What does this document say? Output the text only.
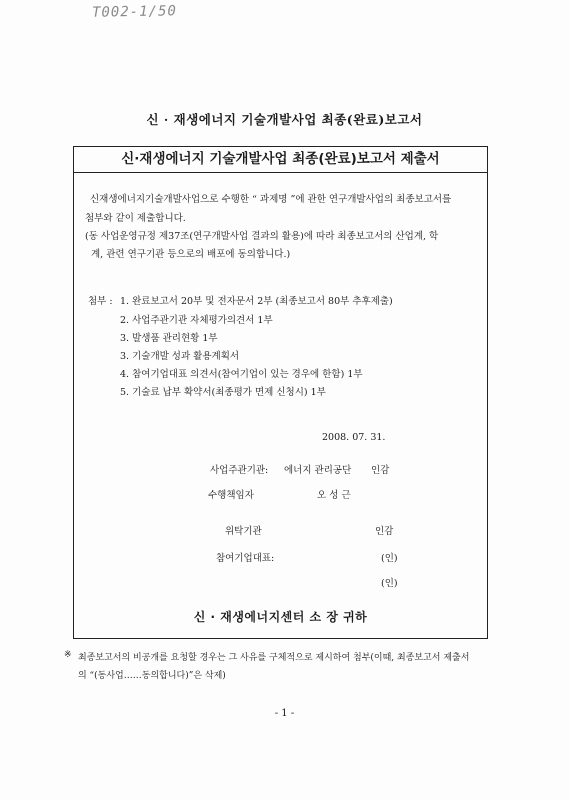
T002-1/50
신 · 재생에너지 기술개발사업 최종(완료)보고서
신·재생에너지 기술개발사업 최종(완료)보고서 제출서
신재생에너지기술개발사업으로 수행한 “ 과제명 ”에 관한 연구개발사업의 최종보고서를
첨부와 같이 제출합니다.
(동 사업운영규정 제37조(연구개발사업 결과의 활용)에 따라 최종보고서의 산업계, 학
계, 관련 연구기관 등으로의 배포에 동의합니다.)
첨부 : 1. 완료보고서 20부 및 전자문서 2부 (최종보고서 80부 추후제출)
2. 사업주관기관 자체평가의견서 1부
3. 발생품 관리현황 1부
3. 기술개발 성과 활용계획서
4. 참여기업대표 의견서(참여기업이 있는 경우에 한함) 1부
5. 기술료 납부 확약서(최종평가 면제 신청시) 1부
2008. 07. 31.
사업주관기관: 에너지 관리공단 인감
수행책임자	오 성 근
위탁기관	인감
참여기업대표:	(인)
(인)
신 · 재생에너지센터 소 장 귀하
※ 최종보고서의 비공개를 요청할 경우는 그 사유를 구체적으로 제시하여 첨부(이때, 최종보고서 제출서
의 “(동사업……동의합니다)”은 삭제)
- 1 -
